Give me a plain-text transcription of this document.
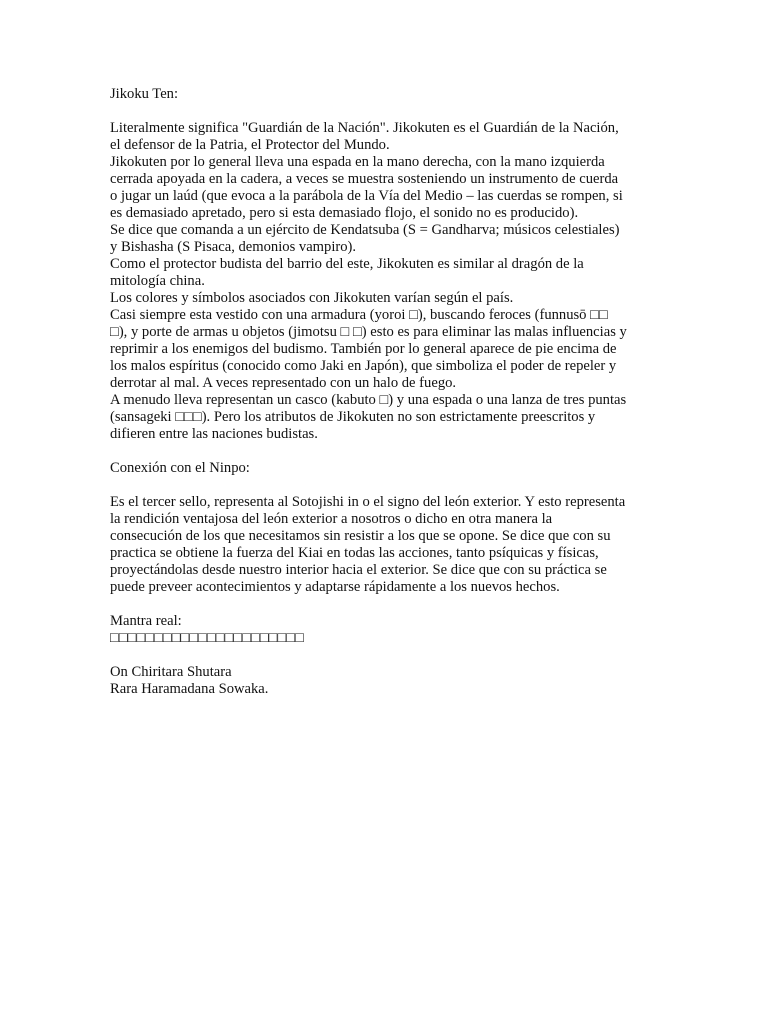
Jikoku Ten:
Literalmente significa "Guardián de la Nación". Jikokuten es el Guardián de la Nación,
el defensor de la Patria, el Protector del Mundo.
Jikokuten por lo general lleva una espada en la mano derecha, con la mano izquierda
cerrada apoyada en la cadera, a veces se muestra sosteniendo un instrumento de cuerda
o jugar un laúd (que evoca a la parábola de la Vía del Medio – las cuerdas se rompen, si
es demasiado apretado, pero si esta demasiado flojo, el sonido no es producido).
Se dice que comanda a un ejército de Kendatsuba (S = Gandharva; músicos celestiales)
y Bishasha (S Pisaca, demonios vampiro).
Como el protector budista del barrio del este, Jikokuten es similar al dragón de la
mitología china.
Los colores y símbolos asociados con Jikokuten varían según el país.
Casi siempre esta vestido con una armadura (yoroi □), buscando feroces (funnusō □□
□), y porte de armas u objetos (jimotsu □ □) esto es para eliminar las malas influencias y
reprimir a los enemigos del budismo. También por lo general aparece de pie encima de
los malos espíritus (conocido como Jaki en Japón), que simboliza el poder de repeler y
derrotar al mal. A veces representado con un halo de fuego.
A menudo lleva representan un casco (kabuto □) y una espada o una lanza de tres puntas
(sansageki □□□). Pero los atributos de Jikokuten no son estrictamente preescritos y
difieren entre las naciones budistas.
Conexión con el Ninpo:
Es el tercer sello, representa al Sotojishi in o el signo del león exterior. Y esto representa
la rendición ventajosa del león exterior a nosotros o dicho en otra manera la
consecución de los que necesitamos sin resistir a los que se opone. Se dice que con su
practica se obtiene la fuerza del Kiai en todas las acciones, tanto psíquicas y físicas,
proyectándolas desde nuestro interior hacia el exterior. Se dice que con su práctica se
puede preveer acontecimientos y adaptarse rápidamente a los nuevos hechos.
Mantra real:
□□□□□□□□□□□□□□□□□□□□□□
On Chiritara Shutara
Rara Haramadana Sowaka.
